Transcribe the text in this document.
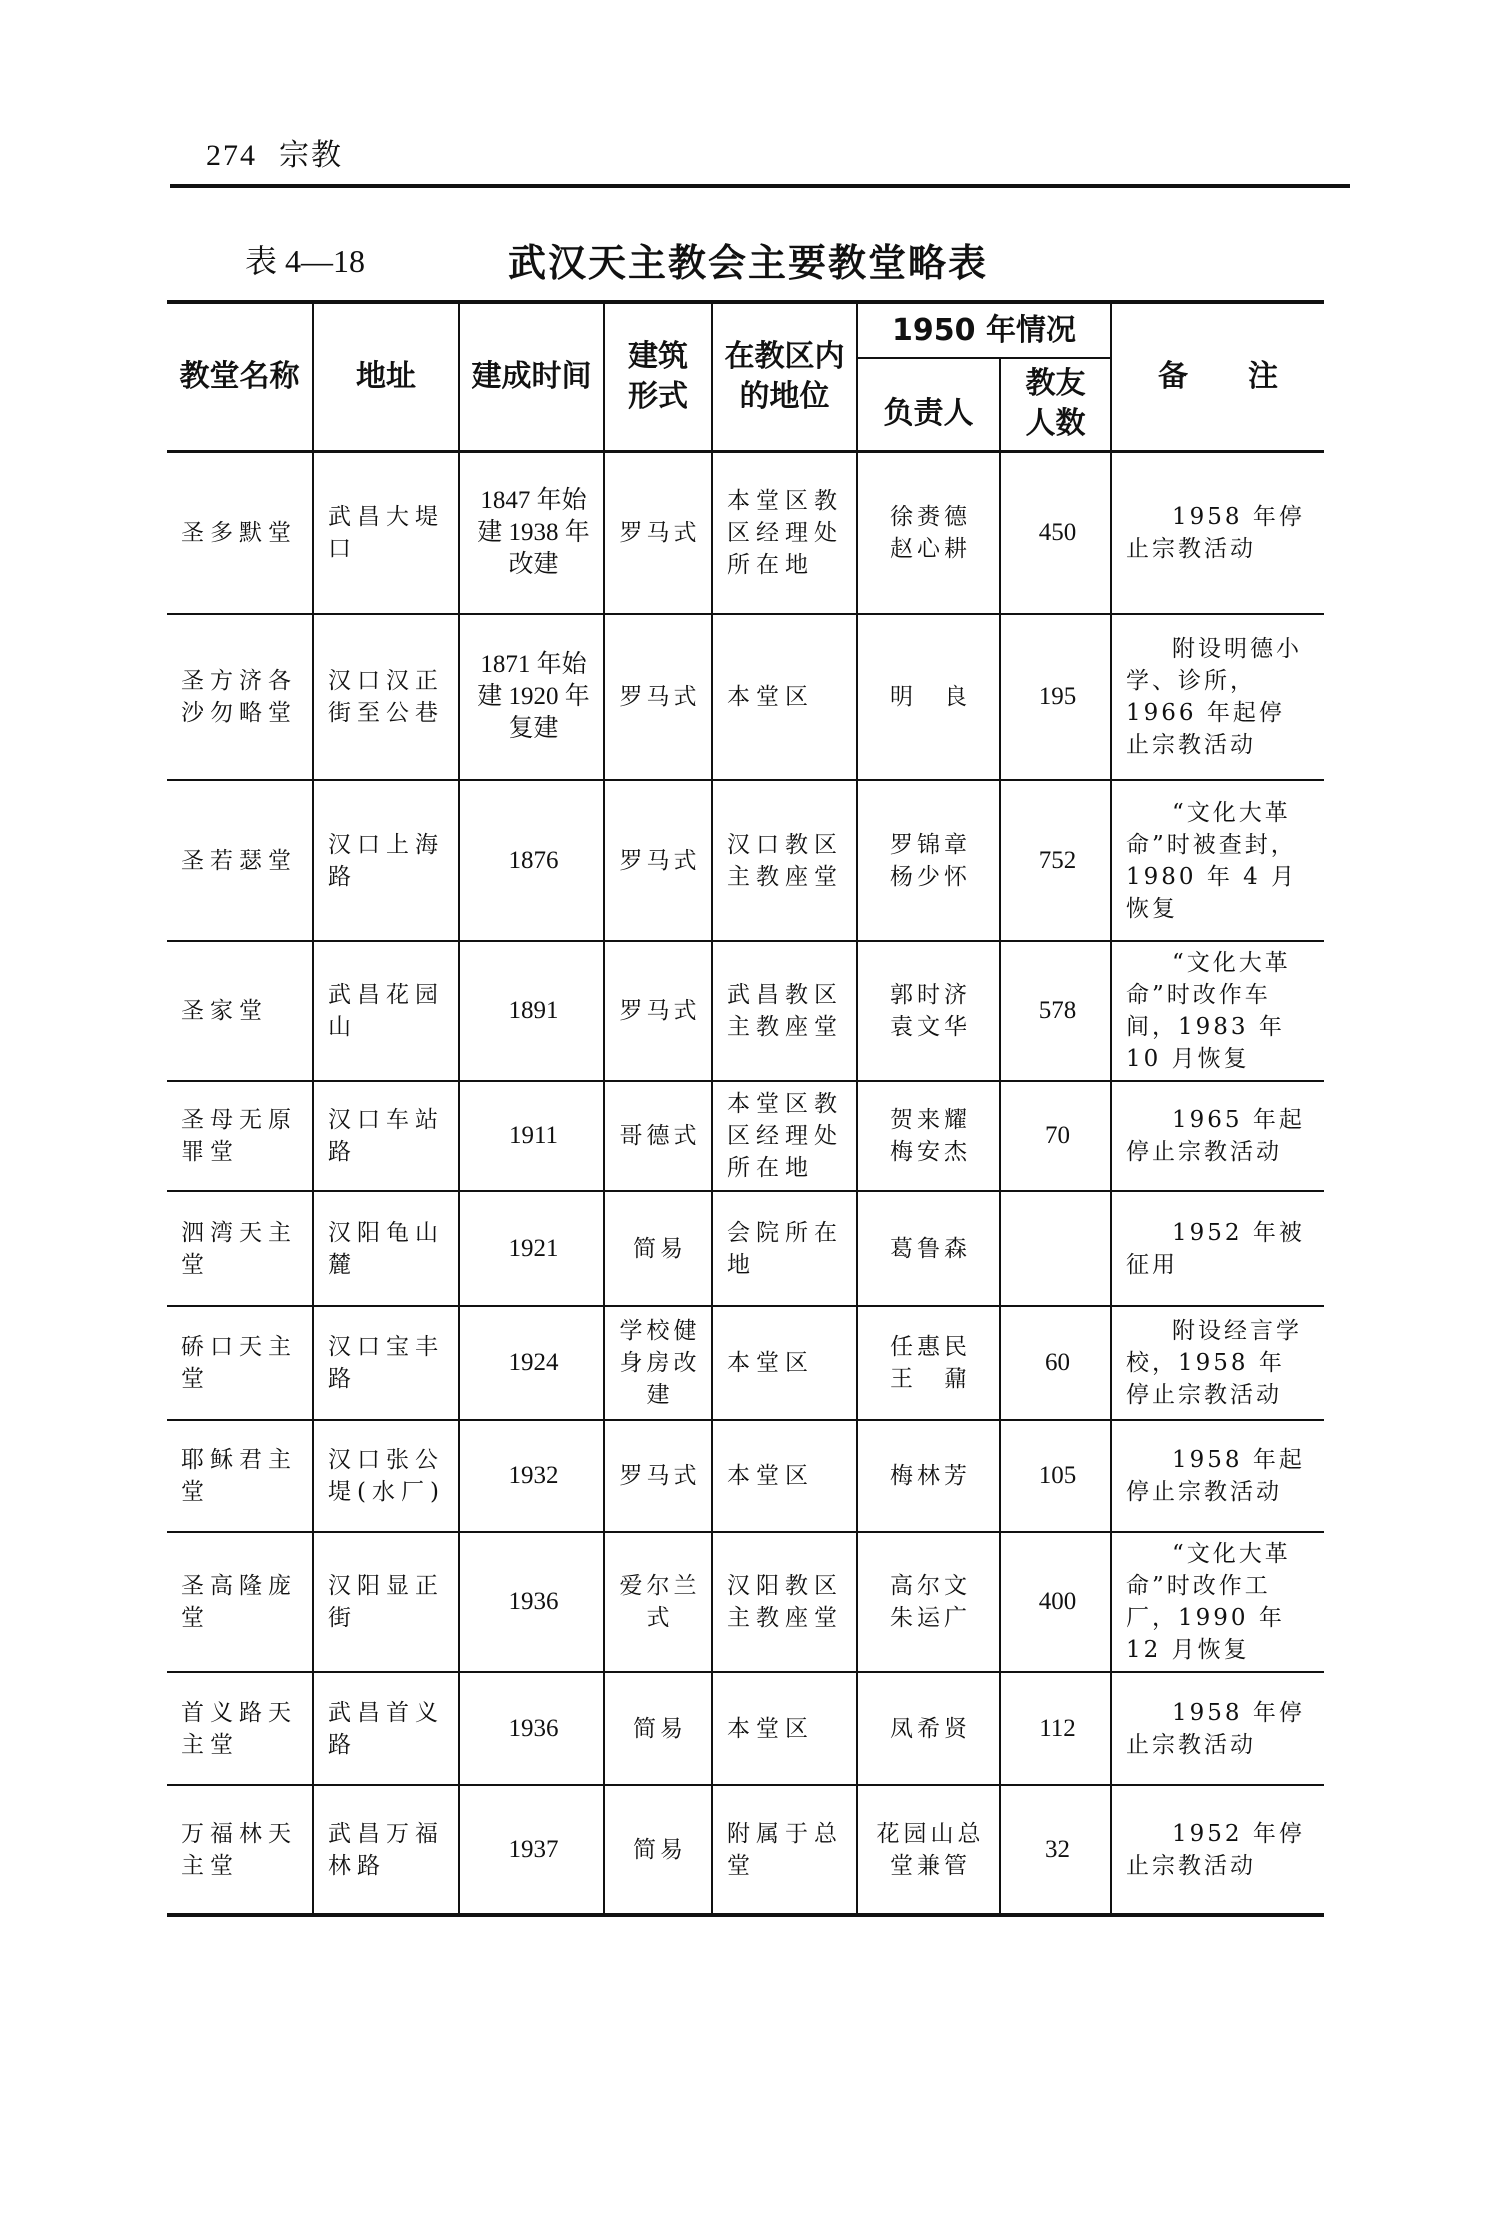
274 宗教
表 4—18	武汉天主教会主要教堂略表
教堂名称	地址	建成时间	建筑形式	在教区内的地位	1950 年情况		备　　注
					负责人	教友人数	
圣多默堂	武昌大堤口	1847 年始建 1938 年改建	罗马式	本堂区教区经理处所在地	徐赉德 赵心耕	450	1958 年停止宗教活动
圣方济各沙勿略堂	汉口汉正街至公巷	1871 年始建 1920 年复建	罗马式	本堂区	明　良	195	附设明德小学、诊所，1966 年起停止宗教活动
圣若瑟堂	汉口上海路	1876	罗马式	汉口教区主教座堂	罗锦章 杨少怀	752	“文化大革命”时被查封，1980 年 4 月恢复
圣家堂	武昌花园山	1891	罗马式	武昌教区主教座堂	郭时济 袁文华	578	“文化大革命”时改作车间，1983 年 10 月恢复
圣母无原罪堂	汉口车站路	1911	哥德式	本堂区教区经理处所在地	贺来耀 梅安杰	70	1965 年起停止宗教活动
泗湾天主堂	汉阳龟山麓	1921	简易	会院所在地	葛鲁森		1952 年被征用
硚口天主堂	汉口宝丰路	1924	学校健身房改建	本堂区	任惠民 王　鼐	60	附设经言学校，1958 年停止宗教活动
耶稣君主堂	汉口张公堤(水厂)	1932	罗马式	本堂区	梅林芳	105	1958 年起停止宗教活动
圣高隆庞堂	汉阳显正街	1936	爱尔兰式	汉阳教区主教座堂	高尔文 朱运广	400	“文化大革命”时改作工厂，1990 年 12 月恢复
首义路天主堂	武昌首义路	1936	简易	本堂区	凤希贤	112	1958 年停止宗教活动
万福林天主堂	武昌万福林路	1937	简易	附属于总堂	花园山总堂兼管	32	1952 年停止宗教活动
